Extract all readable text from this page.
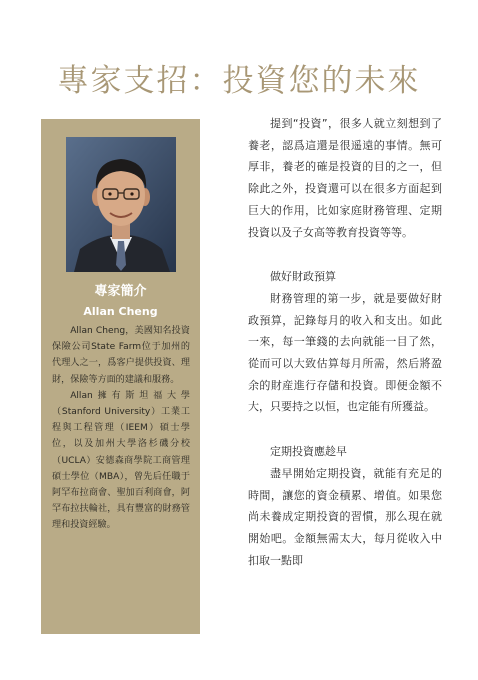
專家支招：投資您的未來
專家簡介
Allan Cheng

Allan Cheng，美國知名投資保險公司State Farm位于加州的代理人之一，爲客户提供投資、理財，保險等方面的建議和服務。

Allan擁有斯坦福大學（Stanford University）工業工程與工程管理（IEEM）碩士學位，以及加州大學洛杉磯分校（UCLA）安德森商學院工商管理碩士學位（MBA），曾先后任職于阿罕布拉商會、聖加百利商會，阿罕布拉扶輪社，具有豐富的財務管理和投資經驗。

提到“投資”，很多人就立刻想到了養老，認爲這還是很遥遠的事情。無可厚非，養老的確是投資的目的之一，但除此之外，投資還可以在很多方面起到巨大的作用，比如家庭財務管理、定期投資以及子女高等教育投資等等。

做好財政預算

財務管理的第一步，就是要做好財政預算，記錄每月的收入和支出。如此一來，每一筆錢的去向就能一目了然，從而可以大致估算每月所需，然后將盈余的財産進行存儲和投資。即便金額不大，只要持之以恒，也定能有所獲益。

定期投資應趁早

盡早開始定期投資，就能有充足的時間，讓您的資金積累、增值。如果您尚未養成定期投資的習慣，那么現在就開始吧。金額無需太大，每月從收入中扣取一點即
